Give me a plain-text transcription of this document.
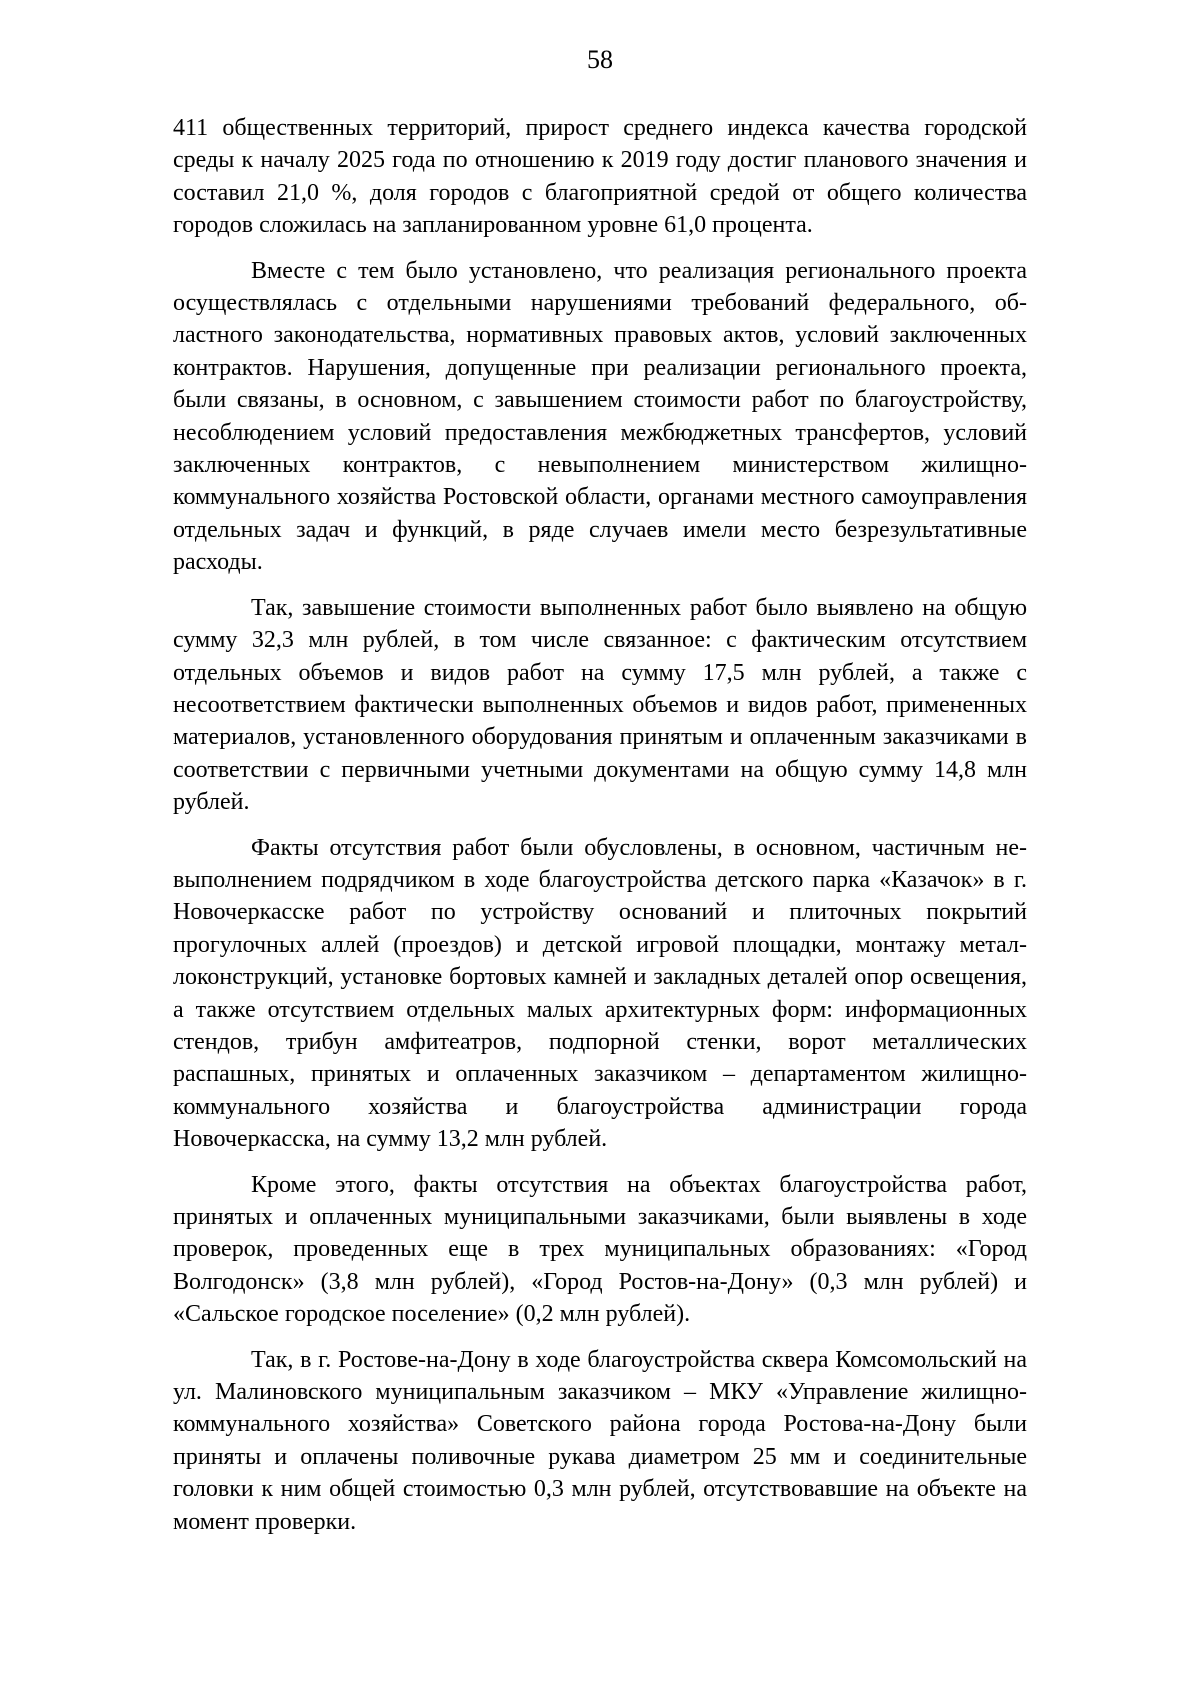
58

411 общественных территорий, прирост среднего индекса качества городской среды к началу 2025 года по отношению к 2019 году достиг планового значения и составил 21,0 %, доля городов с благоприятной средой от общего количества городов сложилась на запланированном уровне 61,0 процента.

Вместе с тем было установлено, что реализация регионального проекта осуществлялась с отдельными нарушениями требований федерального, областного законодательства, нормативных правовых актов, условий заключенных контрактов. Нарушения, допущенные при реализации регионального проекта, были связаны, в основном, с завышением стоимости работ по благоустройству, несоблюдением условий предоставления межбюджетных трансфертов, условий заключенных контрактов, с невыполнением министерством жилищно-коммунального хозяйства Ростовской области, органами местного самоуправления отдельных задач и функций, в ряде случаев имели место безрезультативные расходы.

Так, завышение стоимости выполненных работ было выявлено на общую сумму 32,3 млн рублей, в том числе связанное: с фактическим отсутствием отдельных объемов и видов работ на сумму 17,5 млн рублей, а также с несоответствием фактически выполненных объемов и видов работ, примененных материалов, установленного оборудования принятым и оплаченным заказчиками в соответствии с первичными учетными документами на общую сумму 14,8 млн рублей.

Факты отсутствия работ были обусловлены, в основном, частичным невыполнением подрядчиком в ходе благоустройства детского парка «Казачок» в г. Новочеркасске работ по устройству оснований и плиточных покрытий прогулочных аллей (проездов) и детской игровой площадки, монтажу металлоконструкций, установке бортовых камней и закладных деталей опор освещения, а также отсутствием отдельных малых архитектурных форм: информационных стендов, трибун амфитеатров, подпорной стенки, ворот металлических распашных, принятых и оплаченных заказчиком – департаментом жилищно-коммунального хозяйства и благоустройства администрации города Новочеркасска, на сумму 13,2 млн рублей.

Кроме этого, факты отсутствия на объектах благоустройства работ, принятых и оплаченных муниципальными заказчиками, были выявлены в ходе проверок, проведенных еще в трех муниципальных образованиях: «Город Волгодонск» (3,8 млн рублей), «Город Ростов-на-Дону» (0,3 млн рублей) и «Сальское городское поселение» (0,2 млн рублей).

Так, в г. Ростове-на-Дону в ходе благоустройства сквера Комсомольский на ул. Малиновского муниципальным заказчиком – МКУ «Управление жилищно-коммунального хозяйства» Советского района города Ростова-на-Дону были приняты и оплачены поливочные рукава диаметром 25 мм и соединительные головки к ним общей стоимостью 0,3 млн рублей, отсутствовавшие на объекте на момент проверки.
